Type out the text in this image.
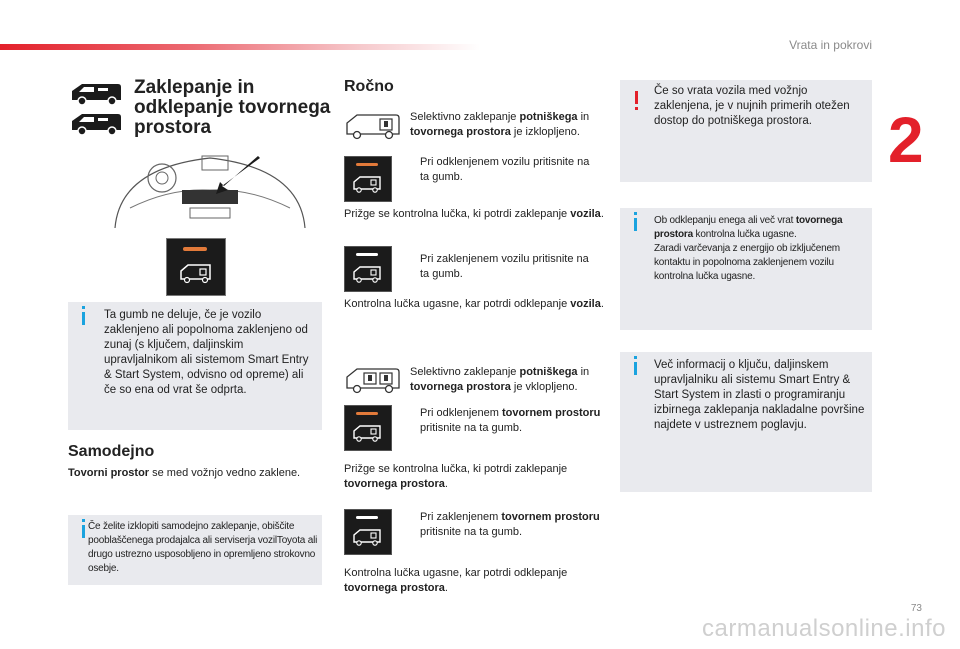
Vrata in pokrovi
2
73
carmanualsonline.info
Zaklepanje in odklepanje tovornega prostora
Ta gumb ne deluje, če je vozilo zaklenjeno ali popolnoma zaklenjeno od zunaj (s ključem, daljinskim upravljalnikom ali sistemom Smart Entry & Start System, odvisno od opreme) ali če so ena od vrat še odprta.
Samodejno
Tovorni prostor se med vožnjo vedno zaklene.
Če želite izklopiti samodejno zaklepanje, obiščite pooblaščenega prodajalca ali serviserja vozilToyota ali drugo ustrezno usposobljeno in opremljeno strokovno osebje.
Ročno
Selektivno zaklepanje potniškega in tovornega prostora je izklopljeno.
Pri odklenjenem vozilu pritisnite na ta gumb.
Prižge se kontrolna lučka, ki potrdi zaklepanje vozila.
Pri zaklenjenem vozilu pritisnite na ta gumb.
Kontrolna lučka ugasne, kar potrdi odklepanje vozila.
Selektivno zaklepanje potniškega in tovornega prostora je vklopljeno.
Pri odklenjenem tovornem prostoru pritisnite na ta gumb.
Prižge se kontrolna lučka, ki potrdi zaklepanje tovornega prostora.
Pri zaklenjenem tovornem prostoru pritisnite na ta gumb.
Kontrolna lučka ugasne, kar potrdi odklepanje tovornega prostora.
Če so vrata vozila med vožnjo zaklenjena, je v nujnih primerih otežen dostop do potniškega prostora.
Ob odklepanju enega ali več vrat tovornega prostora kontrolna lučka ugasne.
Zaradi varčevanja z energijo ob izključenem kontaktu in popolnoma zaklenjenem vozilu kontrolna lučka ugasne.
Več informacij o ključu, daljinskem upravljalniku ali sistemu Smart Entry & Start System in zlasti o programiranju izbirnega zaklepanja nakladalne površine najdete v ustreznem poglavju.
